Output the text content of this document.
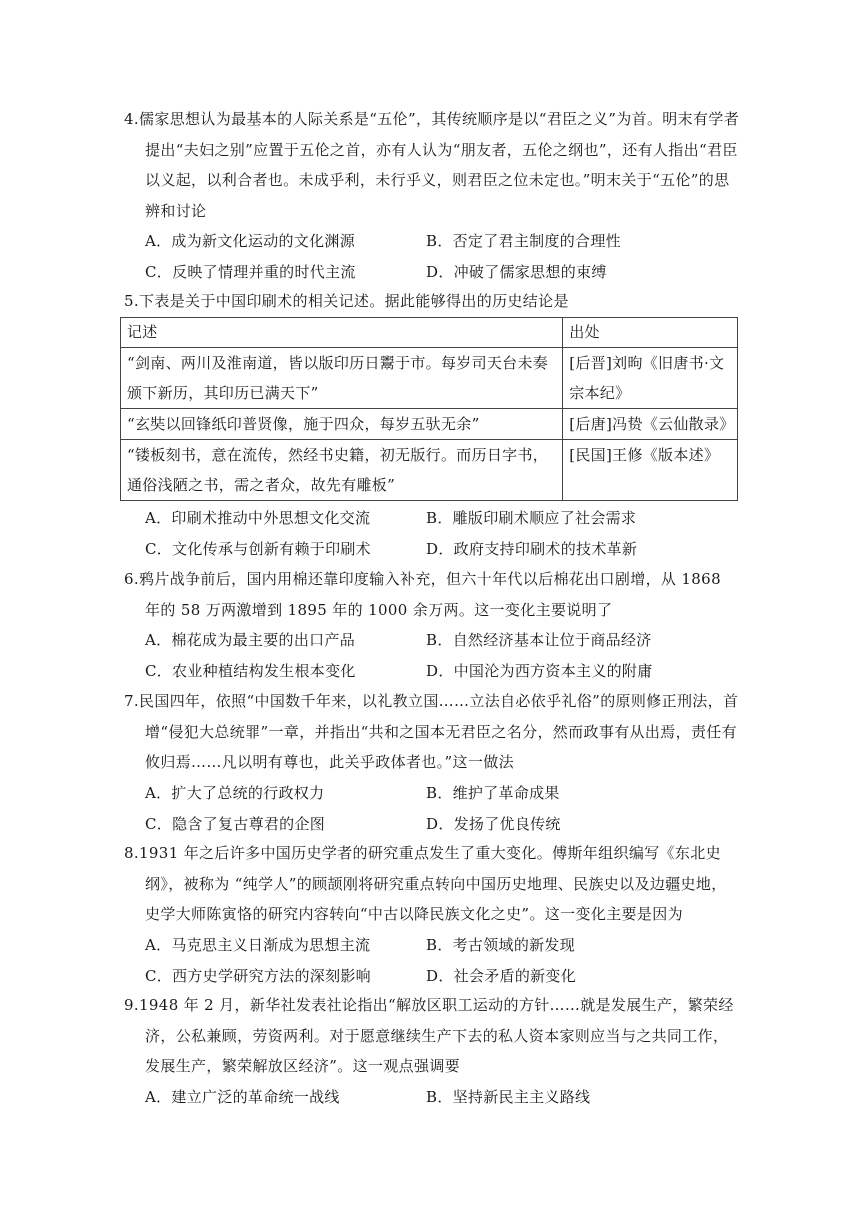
4.儒家思想认为最基本的人际关系是“五伦”，其传统顺序是以“君臣之义”为首。明末有学者提出“夫妇之别”应置于五伦之首，亦有人认为“朋友者，五伦之纲也”，还有人指出“君臣以义起，以利合者也。未成乎利，未行乎义，则君臣之位未定也。”明末关于“五伦”的思辨和讨论
A．成为新文化运动的文化渊源	B．否定了君主制度的合理性
C．反映了情理并重的时代主流	D．冲破了儒家思想的束缚
5.下表是关于中国印刷术的相关记述。据此能够得出的历史结论是
记述	出处
“剑南、两川及淮南道，皆以版印历日鬻于市。每岁司天台未奏颁下新历，其印历已满天下”	[后晋]刘昫《旧唐书·文宗本纪》
“玄奘以回锋纸印普贤像，施于四众，每岁五驮无余”	[后唐]冯贽《云仙散录》
“镂板刻书，意在流传，然经书史籍，初无版行。而历日字书，通俗浅陋之书，需之者众，故先有雕板”	[民国]王修《版本述》
A．印刷术推动中外思想文化交流	B．雕版印刷术顺应了社会需求
C．文化传承与创新有赖于印刷术	D．政府支持印刷术的技术革新
6.鸦片战争前后，国内用棉还靠印度输入补充，但六十年代以后棉花出口剧增，从 1868 年的 58 万两激增到 1895 年的 1000 余万两。这一变化主要说明了
A．棉花成为最主要的出口产品	B．自然经济基本让位于商品经济
C．农业种植结构发生根本变化	D．中国沦为西方资本主义的附庸
7.民国四年，依照“中国数千年来，以礼教立国……立法自必依乎礼俗”的原则修正刑法，首增“侵犯大总统罪”一章，并指出“共和之国本无君臣之名分，然而政事有从出焉，责任有攸归焉……凡以明有尊也，此关乎政体者也。”这一做法
A．扩大了总统的行政权力	B．维护了革命成果
C．隐含了复古尊君的企图	D．发扬了优良传统
8.1931 年之后许多中国历史学者的研究重点发生了重大变化。傅斯年组织编写《东北史纲》，被称为 “纯学人”的顾颉刚将研究重点转向中国历史地理、民族史以及边疆史地，史学大师陈寅恪的研究内容转向“中古以降民族文化之史”。这一变化主要是因为
A．马克思主义日渐成为思想主流	B．考古领域的新发现
C．西方史学研究方法的深刻影响	D．社会矛盾的新变化
9.1948 年 2 月，新华社发表社论指出“解放区职工运动的方针……就是发展生产，繁荣经济，公私兼顾，劳资两利。对于愿意继续生产下去的私人资本家则应当与之共同工作，发展生产，繁荣解放区经济”。这一观点强调要
A．建立广泛的革命统一战线	B．坚持新民主主义路线
